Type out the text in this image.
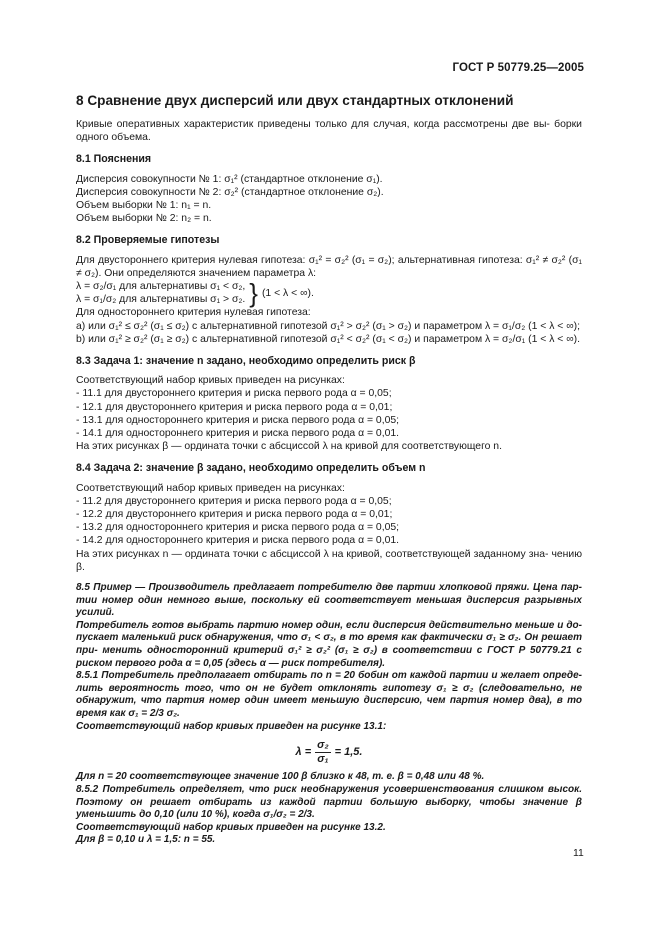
ГОСТ Р 50779.25—2005
8 Сравнение двух дисперсий или двух стандартных отклонений

Кривые оперативных характеристик приведены только для случая, когда рассмотрены две вы- борки одного объема.

8.1 Пояснения

Дисперсия совокупности № 1: σ₁² (стандартное отклонение σ₁).

Дисперсия совокупности № 2: σ₂² (стандартное отклонение σ₂).

Объем выборки № 1: n₁ = n.

Объем выборки № 2: n₂ = n.

8.2 Проверяемые гипотезы

Для двустороннего критерия нулевая гипотеза: σ₁² = σ₂² (σ₁ = σ₂); альтернативная гипотеза: σ₁² ≠ σ₂² (σ₁ ≠ σ₂). Они определяются значением параметра λ:

λ = σ₂/σ₁ для альтернативы σ₁ < σ₂,

λ = σ₁/σ₂ для альтернативы σ₁ > σ₂. } (1 < λ < ∞).

Для одностороннего критерия нулевая гипотеза:

а) или σ₁² ≤ σ₂² (σ₁ ≤ σ₂) с альтернативной гипотезой σ₁² > σ₂² (σ₁ > σ₂) и параметром λ = σ₁/σ₂ (1 < λ < ∞);

b) или σ₁² ≥ σ₂² (σ₁ ≥ σ₂) с альтернативной гипотезой σ₁² < σ₂² (σ₁ < σ₂) и параметром λ = σ₂/σ₁ (1 < λ < ∞).

8.3 Задача 1: значение n задано, необходимо определить риск β

Соответствующий набор кривых приведен на рисунках:

- 11.1 для двустороннего критерия и риска первого рода α = 0,05;

- 12.1 для двустороннего критерия и риска первого рода α = 0,01;

- 13.1 для одностороннего критерия и риска первого рода α = 0,05;

- 14.1 для одностороннего критерия и риска первого рода α = 0,01.

На этих рисунках β — ордината точки с абсциссой λ на кривой для соответствующего n.

8.4 Задача 2: значение β задано, необходимо определить объем n

Соответствующий набор кривых приведен на рисунках:

- 11.2 для двустороннего критерия и риска первого рода α = 0,05;

- 12.2 для двустороннего критерия и риска первого рода α = 0,01;

- 13.2 для одностороннего критерия и риска первого рода α = 0,05;

- 14.2 для одностороннего критерия и риска первого рода α = 0,01.

На этих рисунках n — ордината точки с абсциссой λ на кривой, соответствующей заданному зна- чению β.

8.5 Пример — Производитель предлагает потребителю две партии хлопковой пряжи. Цена пар- тии номер один немного выше, поскольку ей соответствует меньшая дисперсия разрывных усилий.

Потребитель готов выбрать партию номер один, если дисперсия действительно меньше и до- пускает маленький риск обнаружения, что σ₁ < σ₂, в то время как фактически σ₁ ≥ σ₂. Он решает при- менить односторонний критерий σ₁² ≥ σ₂² (σ₁ ≥ σ₂) в соответствии с ГОСТ Р 50779.21 с риском первого рода α = 0,05 (здесь α — риск потребителя).

8.5.1 Потребитель предполагает отбирать по n = 20 бобин от каждой партии и желает опреде- лить вероятность того, что он не будет отклонять гипотезу σ₁ ≥ σ₂ (следовательно, не обнаружит, что партия номер один имеет меньшую дисперсию, чем партия номер два), в то время как σ₁ = 2/3 σ₂.

Соответствующий набор кривых приведен на рисунке 13.1:

$\lambda = \frac{\text{σ₂}}{\text{σ₁}} = 1,5$.

Для n = 20 соответствующее значение 100 β близко к 48, т. е. β = 0,48 или 48 %.

8.5.2 Потребитель определяет, что риск необнаружения усовершенствования слишком высок. Поэтому он решает отбирать из каждой партии большую выборку, чтобы значение β уменьшить до 0,10 (или 10 %), когда σ₁/σ₂ = 2/3.

Соответствующий набор кривых приведен на рисунке 13.2.

Для β = 0,10 и λ = 1,5: n = 55.

11
